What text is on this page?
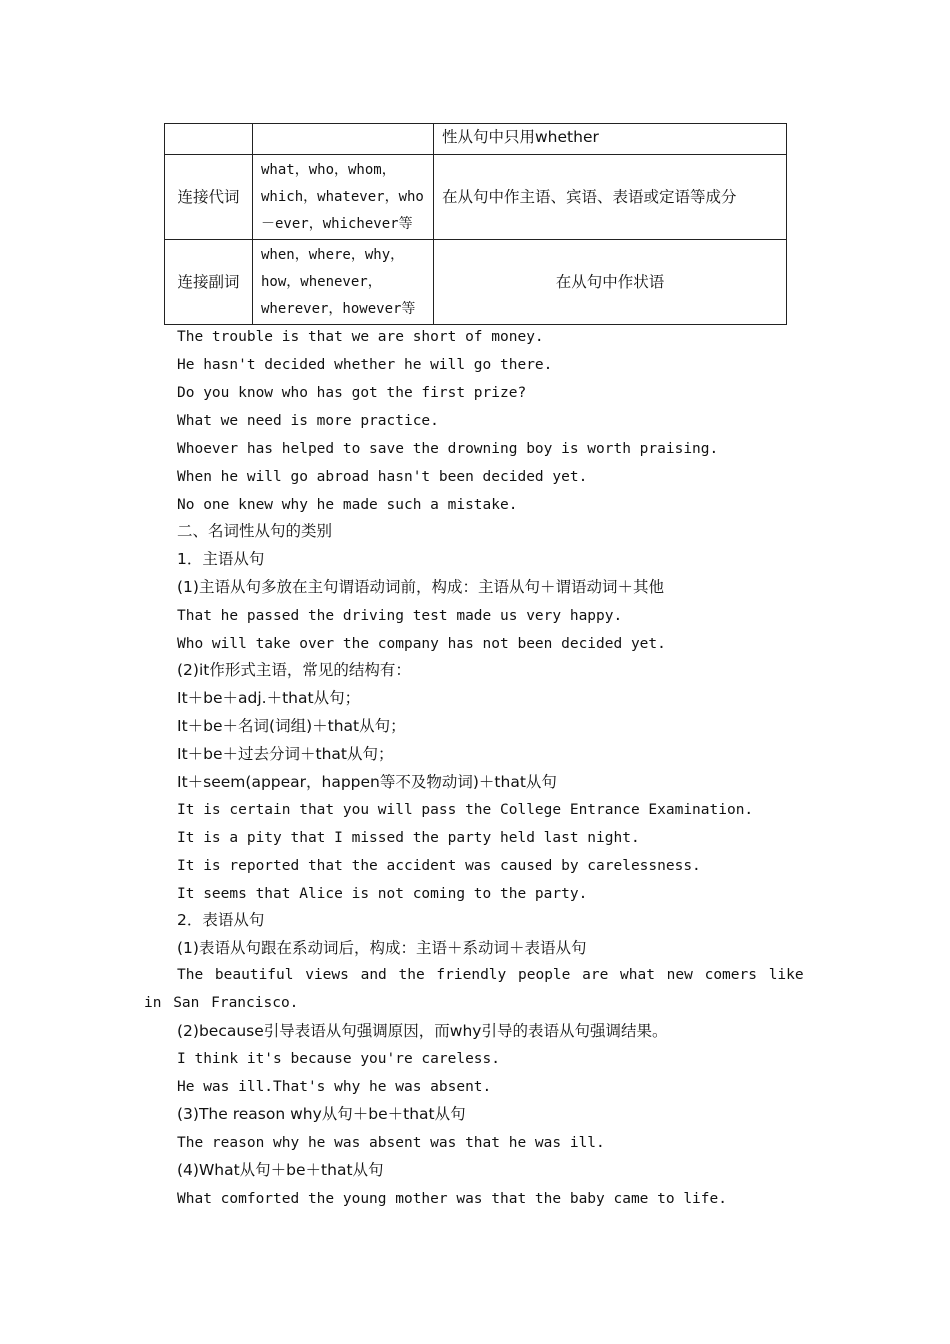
		性从句中只用whether
连接代词	what，who，whom，which，whatever，who－ever，whichever等	在从句中作主语、宾语、表语或定语等成分
连接副词	when，where，why，how，whenever，wherever，however等	在从句中作状语
The trouble is that we are short of money.
He hasn't decided whether he will go there.
Do you know who has got the first prize?
What we need is more practice.
Whoever has helped to save the drowning boy is worth praising.
When he will go abroad hasn't been decided yet.
No one knew why he made such a mistake.
二、名词性从句的类别
1．主语从句
(1)主语从句多放在主句谓语动词前，构成：主语从句＋谓语动词＋其他
That he passed the driving test made us very happy.
Who will take over the company has not been decided yet.
(2)it作形式主语，常见的结构有：
It＋be＋adj.＋that从句；
It＋be＋名词(词组)＋that从句；
It＋be＋过去分词＋that从句；
It＋seem(appear，happen等不及物动词)＋that从句
It is certain that you will pass the College Entrance Examination.
It is a pity that I missed the party held last night.
It is reported that the accident was caused by carelessness.
It seems that Alice is not coming to the party.
2．表语从句
(1)表语从句跟在系动词后，构成：主语＋系动词＋表语从句
The beautiful views and the friendly people are what new comers like in San Francisco.
(2)because引导表语从句强调原因，而why引导的表语从句强调结果。
I think it's because you're careless.
He was ill.That's why he was absent.
(3)The reason why从句＋be＋that从句
The reason why he was absent was that he was ill.
(4)What从句＋be＋that从句
What comforted the young mother was that the baby came to life.
